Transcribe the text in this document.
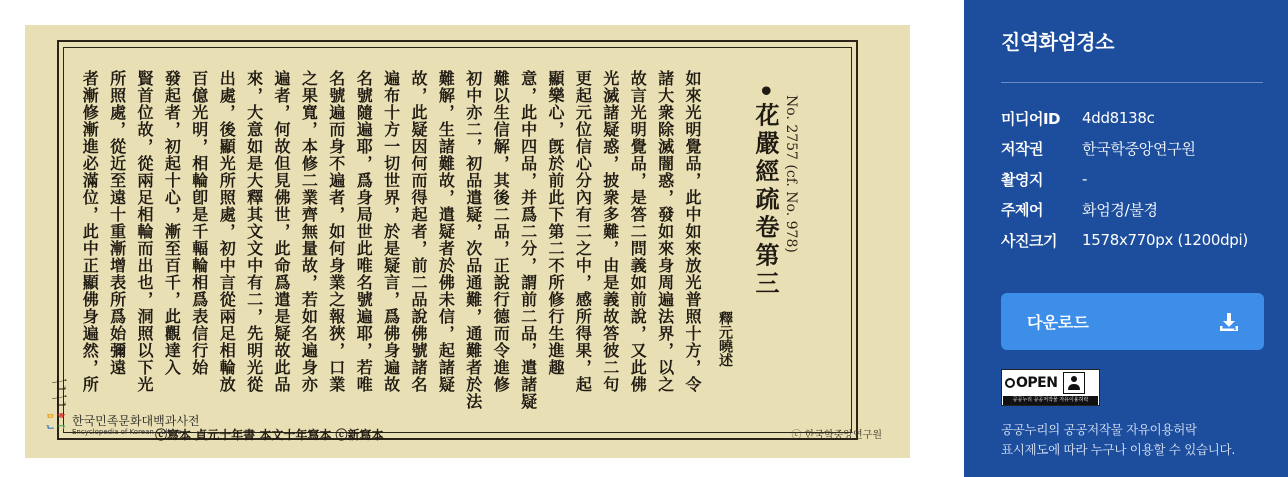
No. 2757 (cf. No. 978)
•花嚴經疏卷第三
釋元曉述
如來光明覺品，此中如來放光普照十方，令
諸大衆除滅闇惑，發如來身周遍法界，以之
故言光明覺品，是答二問義如前說，又此佛
光滅諸疑惑，披衆多難，由是義故答彼二句
更起元位信心分內有二之中，感所得果，起
顯樂心，旣於前此下第二不所修行生進趣
意，此中四品，并爲二分，謂前二品，遣諸疑
難以生信解，其後二品，正說行德而令進修
初中亦二，初品遣疑，次品通難，通難者於法
難解，生諸難故，遣疑者於佛未信，起諸疑
故，此疑因何而得起者，前二品說佛號諸名
遍布十方一切世界，於是疑言，爲佛身遍故
名號隨遍耶，爲身局世此唯名號遍耶，若唯
名號遍而身不遍者，如何身業之報狹，口業
之果寬，本修二業齊無量故，若如名遍身亦
遍者，何故但見佛世，此命爲遣是疑故此品
來，大意如是大釋其文文中有二，先明光從
出處，後顯光所照處，初中言從兩足相輪放
百億光明，相輪卽是千輻輪相爲表信行始
發起者，初起十心，漸至百千，此觀達入
賢首位故，從兩足相輪而出也，洞照以下光
所照處，從近至遠十重漸增表所爲始彌遠
者漸修漸進必滿位，此中正顯佛身遍然，所
七七
ⓒ寫本 貞元十年書 本文十年寫本 ⓒ新寫本
ᄆ ᄒ
ᄂ ᄀ
한국민족문화대백과사전
Encyclopedia of Korean Culture	ⓒ 한국학중앙연구원
진역화엄경소
미디어ID	4dd8138c
저작권	한국학중앙연구원
촬영지	-
주제어	화엄경/불경
사진크기	1578x770px (1200dpi)
다운로드
OPEN
공공누리 공공저작물 자유이용허락
공공누리의 공공저작물 자유이용허락
표시제도에 따라 누구나 이용할 수 있습니다.
